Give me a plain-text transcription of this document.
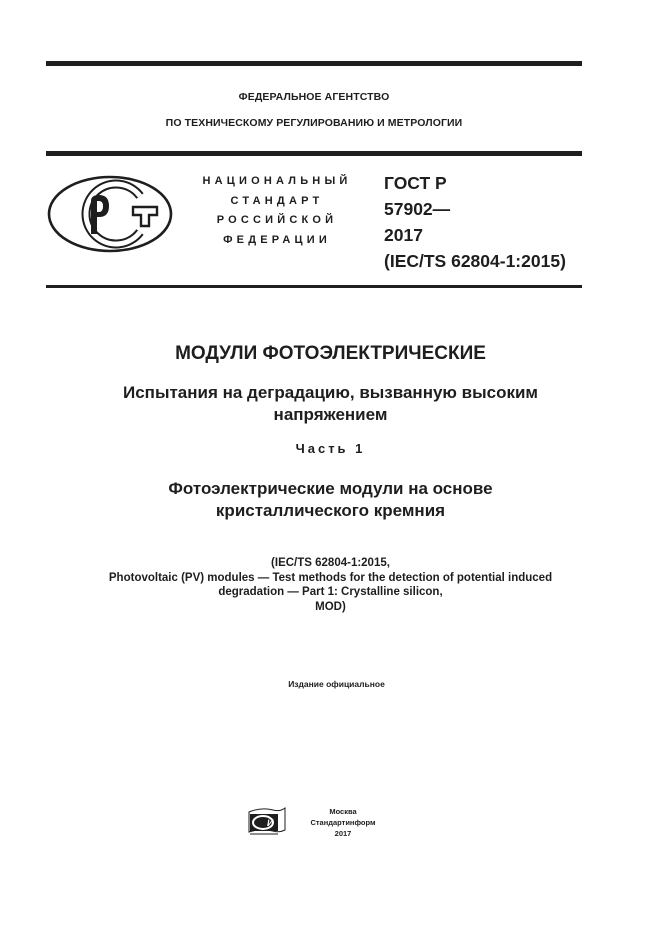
ФЕДЕРАЛЬНОЕ АГЕНТСТВО
ПО ТЕХНИЧЕСКОМУ РЕГУЛИРОВАНИЮ И МЕТРОЛОГИИ
НАЦИОНАЛЬНЫЙ
СТАНДАРТ
РОССИЙСКОЙ
ФЕДЕРАЦИИ
ГОСТ Р
57902—
2017
(IEC/TS 62804-1:2015)
МОДУЛИ ФОТОЭЛЕКТРИЧЕСКИЕ
Испытания на деградацию, вызванную высоким
напряжением
Часть 1
Фотоэлектрические модули на основе
кристаллического кремния
(IEC/TS 62804-1:2015,
Photovoltaic (PV) modules — Test methods for the detection of potential induced
degradation — Part 1: Crystalline silicon,
MOD)
Издание официальное
И
Москва
Стандартинформ
2017
